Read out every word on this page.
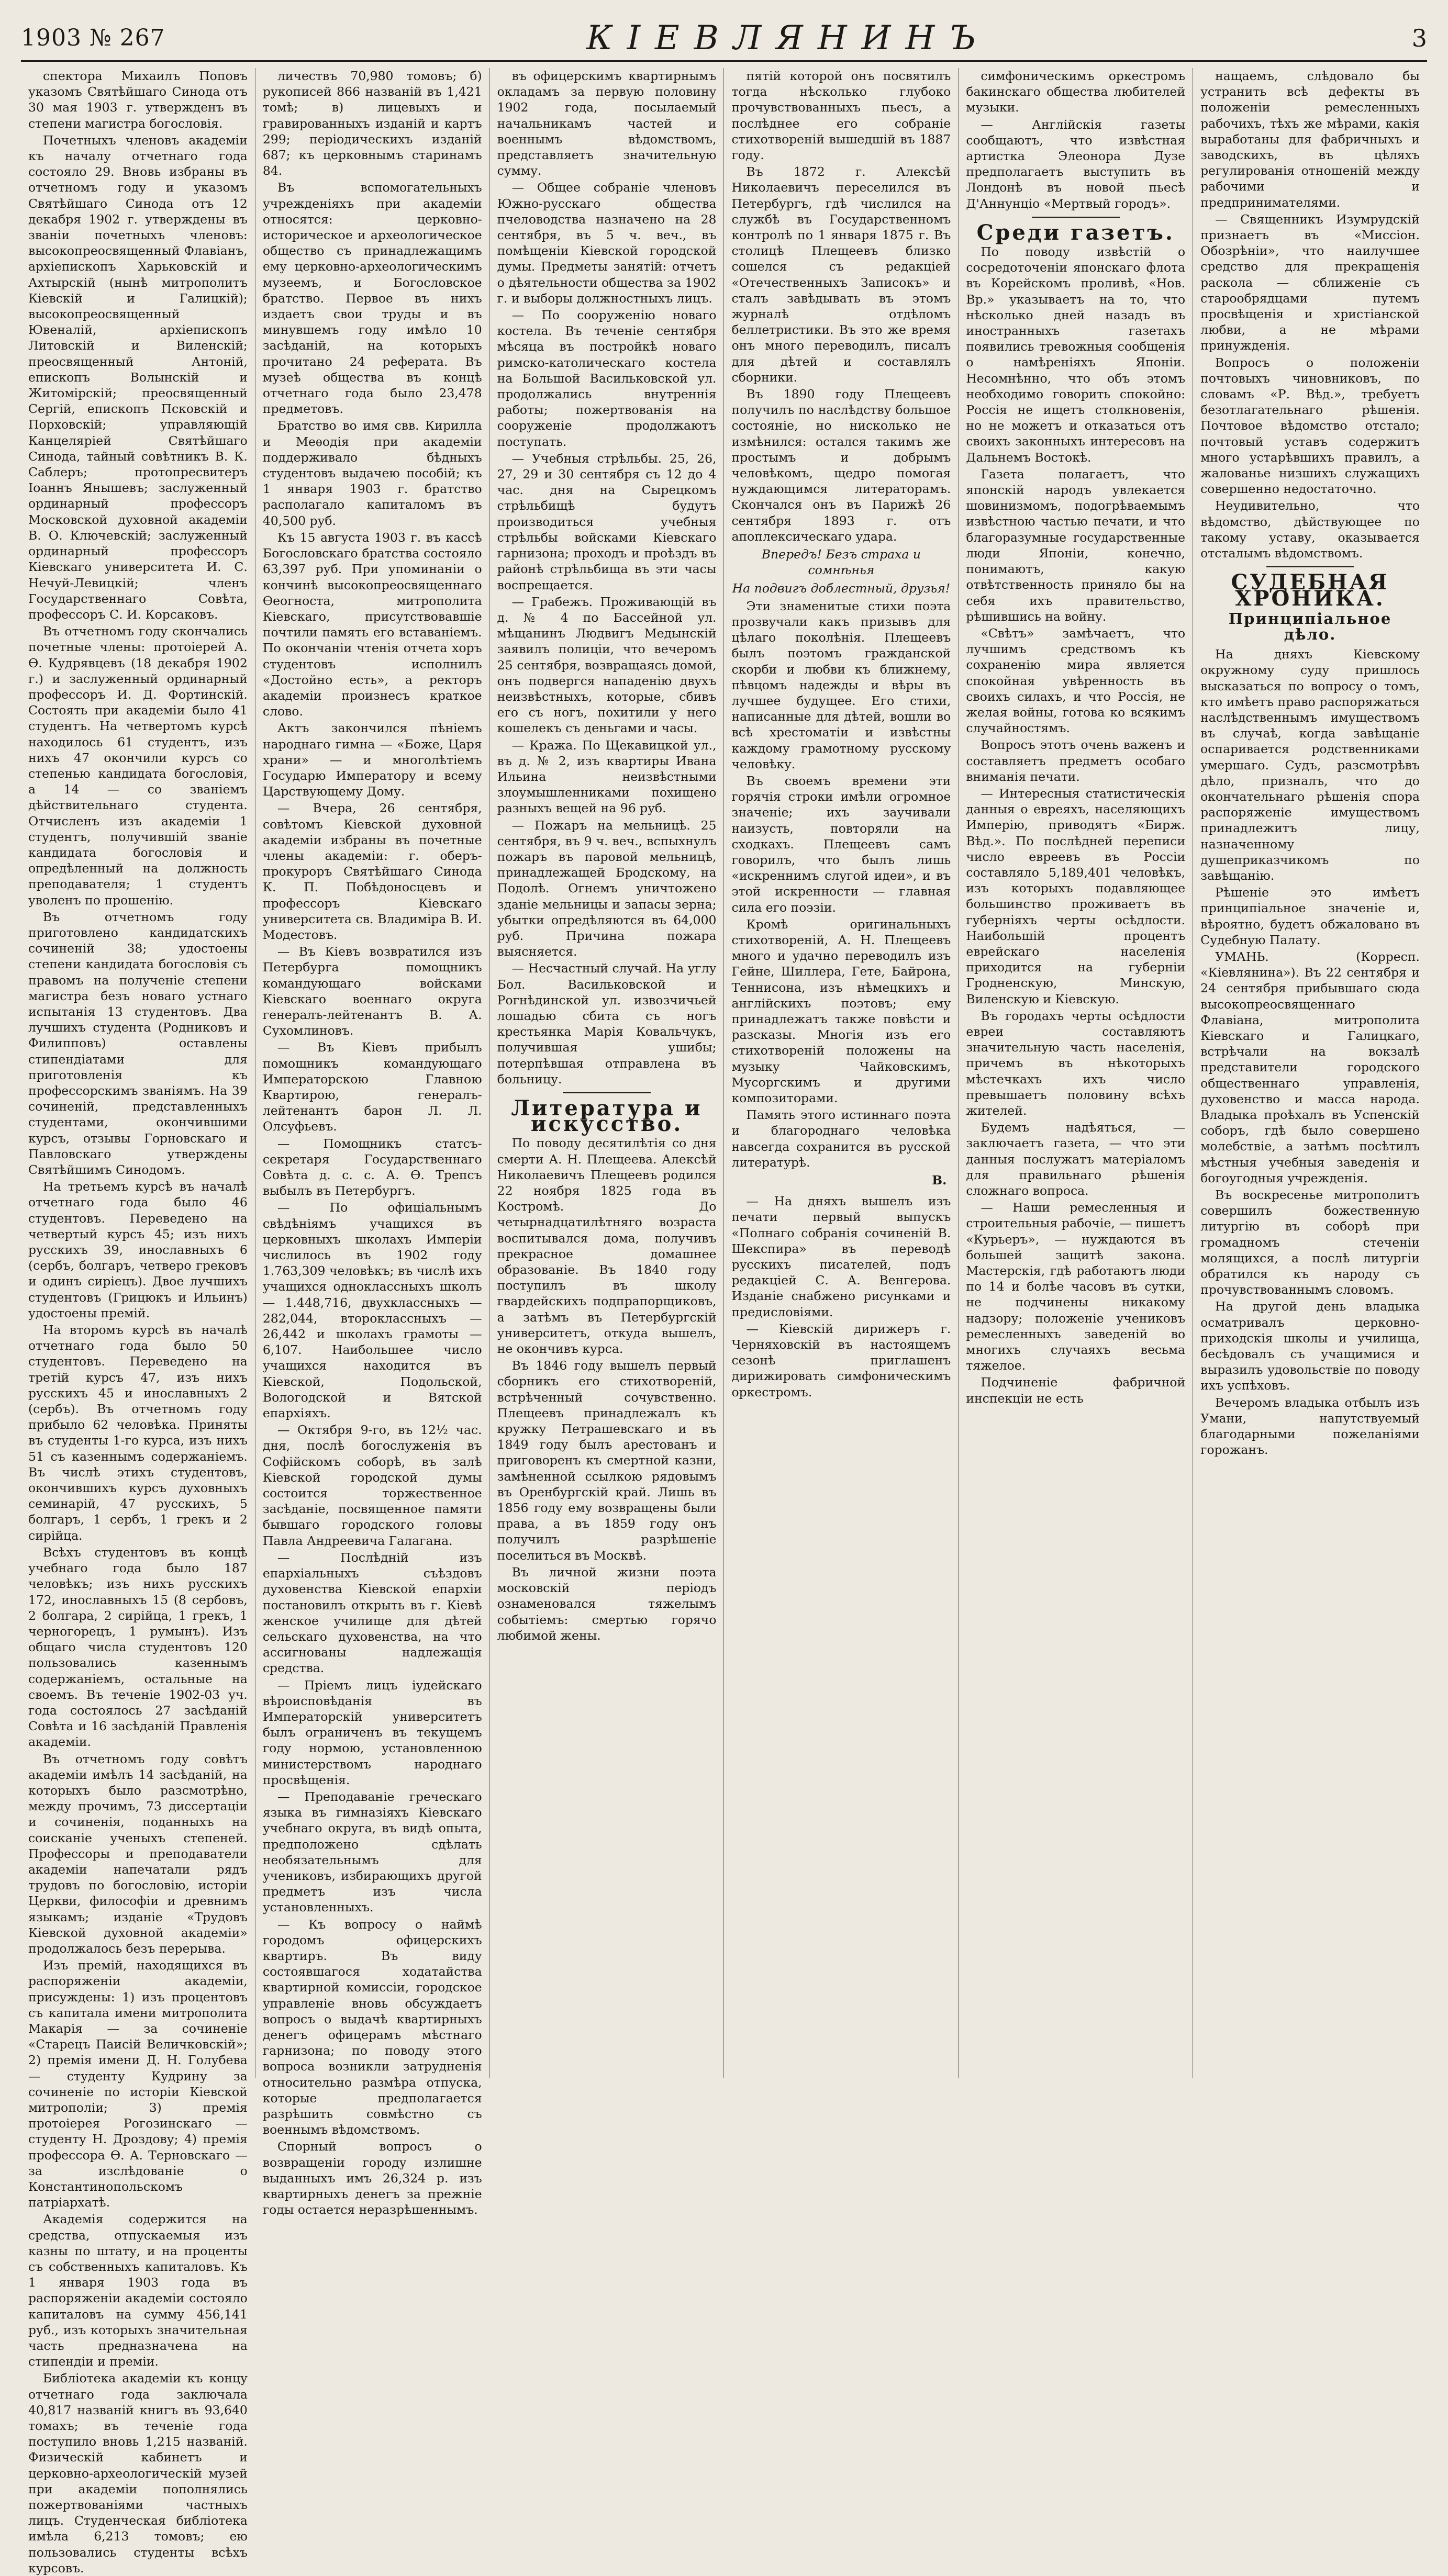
1903 № 267	КІЕВЛЯНИНЪ	3

спектора Михаилъ Поповъ указомъ Святѣйшаго Синода отъ 30 мая 1903 г. утвержденъ въ степени магистра богословія.

Почетныхъ членовъ академіи къ началу отчетнаго года состояло 29. Вновь избраны въ отчетномъ году и указомъ Святѣйшаго Синода отъ 12 декабря 1902 г. утверждены въ званіи почетныхъ членовъ: высокопреосвященный Флавіанъ, архіепископъ Харьковскій и Ахтырскій (нынѣ митрополитъ Кіевскій и Галицкій); высокопреосвященный Ювеналій, архіепископъ Литовскій и Виленскій; преосвященный Антоній, епископъ Волынскій и Житомірскій; преосвященный Сергій, епископъ Псковскій и Порховскій; управляющій Канцеляріей Святѣйшаго Синода, тайный совѣтникъ В. К. Саблеръ; протопресвитеръ Іоаннъ Янышевъ; заслуженный ординарный профессоръ Московской духовной академіи В. О. Ключевскій; заслуженный ординарный профессоръ Кіевскаго университета И. С. Нечуй-Левицкій; членъ Государственнаго Совѣта, профессоръ С. И. Корсаковъ.

Въ отчетномъ году скончались почетные члены: протоіерей А. Ѳ. Кудрявцевъ (18 декабря 1902 г.) и заслуженный ординарный профессоръ И. Д. Фортинскій. Состоять при академіи было 41 студентъ. На четвертомъ курсѣ находилось 61 студентъ, изъ нихъ 47 окончили курсъ со степенью кандидата богословія, а 14 — со званіемъ дѣйствительнаго студента. Отчисленъ изъ академіи 1 студентъ, получившій званіе кандидата богословія и опредѣленный на должность преподавателя; 1 студентъ уволенъ по прошенію.

Въ отчетномъ году приготовлено кандидатскихъ сочиненій 38; удостоены степени кандидата богословія съ правомъ на полученіе степени магистра безъ новаго устнаго испытанія 13 студентовъ. Два лучшихъ студента (Родниковъ и Филипповъ) оставлены стипендіатами для приготовленія къ профессорскимъ званіямъ. На 39 сочиненій, представленныхъ студентами, окончившими курсъ, отзывы Горновскаго и Павловскаго утверждены Святѣйшимъ Синодомъ.

На третьемъ курсѣ въ началѣ отчетнаго года было 46 студентовъ. Переведено на четвертый курсъ 45; изъ нихъ русскихъ 39, инославныхъ 6 (сербъ, болгаръ, четверо грековъ и одинъ сиріецъ). Двое лучшихъ студентовъ (Грицюкъ и Ильинъ) удостоены премій.

На второмъ курсѣ въ началѣ отчетнаго года было 50 студентовъ. Переведено на третій курсъ 47, изъ нихъ русскихъ 45 и инославныхъ 2 (сербъ). Въ отчетномъ году прибыло 62 человѣка. Приняты въ студенты 1-го курса, изъ нихъ 51 съ казеннымъ содержаніемъ. Въ числѣ этихъ студентовъ, окончившихъ курсъ духовныхъ семинарій, 47 русскихъ, 5 болгаръ, 1 сербъ, 1 грекъ и 2 сирійца.

Всѣхъ студентовъ въ концѣ учебнаго года было 187 человѣкъ; изъ нихъ русскихъ 172, инославныхъ 15 (8 сербовъ, 2 болгара, 2 сирійца, 1 грекъ, 1 черногорецъ, 1 румынъ). Изъ общаго числа студентовъ 120 пользовались казеннымъ содержаніемъ, остальные на своемъ. Въ теченіе 1902-03 уч. года состоялось 27 засѣданій Совѣта и 16 засѣданій Правленія академіи.

Въ отчетномъ году совѣтъ академіи имѣлъ 14 засѣданій, на которыхъ было разсмотрѣно, между прочимъ, 73 диссертаціи и сочиненія, поданныхъ на соисканіе ученыхъ степеней. Профессоры и преподаватели академіи напечатали рядъ трудовъ по богословію, исторіи Церкви, философіи и древнимъ языкамъ; изданіе «Трудовъ Кіевской духовной академіи» продолжалось безъ перерыва.

Изъ премій, находящихся въ распоряженіи академіи, присуждены: 1) изъ процентовъ съ капитала имени митрополита Макарія — за сочиненіе «Старецъ Паисій Величковскій»; 2) премія имени Д. Н. Голубева — студенту Кудрину за сочиненіе по исторіи Кіевской митрополіи; 3) премія протоіерея Рогозинскаго — студенту Н. Дроздову; 4) премія профессора Ѳ. А. Терновскаго — за изслѣдованіе о Константинопольскомъ патріархатѣ.

Академія содержится на средства, отпускаемыя изъ казны по штату, и на проценты съ собственныхъ капиталовъ. Къ 1 января 1903 года въ распоряженіи академіи состояло капиталовъ на сумму 456,141 руб., изъ которыхъ значительная часть предназначена на стипендіи и преміи.

Библіотека академіи къ концу отчетнаго года заключала 40,817 названій книгъ въ 93,640 томахъ; въ теченіе года поступило вновь 1,215 названій. Физическій кабинетъ и церковно-археологическій музей при академіи пополнялись пожертвованіями частныхъ лицъ. Студенческая библіотека имѣла 6,213 томовъ; ею пользовались студенты всѣхъ курсовъ.

личествъ 70,980 томовъ; б) рукописей 866 названій въ 1,421 томѣ; в) лицевыхъ и гравированныхъ изданій и картъ 299; періодическихъ изданій 687; къ церковнымъ старинамъ 84.

Въ вспомогательныхъ учрежденіяхъ при академіи относятся: церковно-историческое и археологическое общество съ принадлежащимъ ему церковно-археологическимъ музеемъ, и Богословское братство. Первое въ нихъ издаетъ свои труды и въ минувшемъ году имѣло 10 засѣданій, на которыхъ прочитано 24 реферата. Въ музеѣ общества въ концѣ отчетнаго года было 23,478 предметовъ.

Братство во имя свв. Кирилла и Меѳодія при академіи поддерживало бѣдныхъ студентовъ выдачею пособій; къ 1 января 1903 г. братство располагало капиталомъ въ 40,500 руб.

Къ 15 августа 1903 г. въ кассѣ Богословскаго братства состояло 63,397 руб. При упоминаніи о кончинѣ высокопреосвященнаго Ѳеогноста, митрополита Кіевскаго, присутствовавшіе почтили память его вставаніемъ. По окончаніи чтенія отчета хоръ студентовъ исполнилъ «Достойно есть», а ректоръ академіи произнесъ краткое слово.

Актъ закончился пѣніемъ народнаго гимна — «Боже, Царя храни» — и многолѣтіемъ Государю Императору и всему Царствующему Дому.

— Вчера, 26 сентября, совѣтомъ Кіевской духовной академіи избраны въ почетные члены академіи: г. оберъ-прокуроръ Святѣйшаго Синода К. П. Побѣдоносцевъ и профессоръ Кіевскаго университета св. Владиміра В. И. Модестовъ.

— Въ Кіевъ возвратился изъ Петербурга помощникъ командующаго войсками Кіевскаго военнаго округа генералъ-лейтенантъ В. А. Сухомлиновъ.

— Въ Кіевъ прибылъ помощникъ командующаго Императорскою Главною Квартирою, генералъ-лейтенантъ барон Л. Л. Олсуфьевъ.

— Помощникъ статсъ-секретаря Государственнаго Совѣта д. с. с. А. Ѳ. Трепсъ выбылъ въ Петербургъ.

— По офиціальнымъ свѣдѣніямъ учащихся въ церковныхъ школахъ Имперіи числилось въ 1902 году 1.763,309 человѣкъ; въ числѣ ихъ учащихся одноклассныхъ школъ — 1.448,716, двухклассныхъ — 282,044, второклассныхъ — 26,442 и школахъ грамоты — 6,107. Наибольшее число учащихся находится въ Кіевской, Подольской, Вологодской и Вятской епархіяхъ.

— Октября 9-го, въ 12½ час. дня, послѣ богослуженія въ Софійскомъ соборѣ, въ залѣ Кіевской городской думы состоится торжественное засѣданіе, посвященное памяти бывшаго городского головы Павла Андреевича Галагана.

— Послѣдній изъ епархіальныхъ съѣздовъ духовенства Кіевской епархіи постановилъ открыть въ г. Кіевѣ женское училище для дѣтей сельскаго духовенства, на что ассигнованы надлежащія средства.

— Пріемъ лицъ іудейскаго вѣроисповѣданія въ Императорскій университетъ былъ ограниченъ въ текущемъ году нормою, установленною министерствомъ народнаго просвѣщенія.

— Преподаваніе греческаго языка въ гимназіяхъ Кіевскаго учебнаго округа, въ видѣ опыта, предположено сдѣлать необязательнымъ для учениковъ, избирающихъ другой предметъ изъ числа установленныхъ.

— Къ вопросу о наймѣ городомъ офицерскихъ квартиръ. Въ виду состоявшагося ходатайства квартирной комиссіи, городское управленіе вновь обсуждаетъ вопросъ о выдачѣ квартирныхъ денегъ офицерамъ мѣстнаго гарнизона; по поводу этого вопроса возникли затрудненія относительно размѣра отпуска, которые предполагается разрѣшить совмѣстно съ военнымъ вѣдомствомъ.

Спорный вопросъ о возвращеніи городу излишне выданныхъ имъ 26,324 р. изъ квартирныхъ денегъ за прежніе годы остается неразрѣшеннымъ.

въ офицерскимъ квартирнымъ окладамъ за первую половину 1902 года, посылаемый начальникамъ частей и военнымъ вѣдомствомъ, представляетъ значительную сумму.

— Общее собраніе членовъ Южно-русскаго общества пчеловодства назначено на 28 сентября, въ 5 ч. веч., въ помѣщеніи Кіевской городской думы. Предметы занятій: отчетъ о дѣятельности общества за 1902 г. и выборы должностныхъ лицъ.

— По сооруженію новаго костела. Въ теченіе сентября мѣсяца въ постройкѣ новаго римско-католическаго костела на Большой Васильковской ул. продолжались внутреннія работы; пожертвованія на сооруженіе продолжаютъ поступать.

— Учебныя стрѣльбы. 25, 26, 27, 29 и 30 сентября съ 12 до 4 час. дня на Сырецкомъ стрѣльбищѣ будутъ производиться учебныя стрѣльбы войсками Кіевскаго гарнизона; проходъ и проѣздъ въ районѣ стрѣльбища въ эти часы воспрещается.

— Грабежъ. Проживающій въ д. № 4 по Бассейной ул. мѣщанинъ Людвигъ Медынскій заявилъ полиціи, что вечеромъ 25 сентября, возвращаясь домой, онъ подвергся нападенію двухъ неизвѣстныхъ, которые, сбивъ его съ ногъ, похитили у него кошелекъ съ деньгами и часы.

— Кража. По Щекавицкой ул., въ д. № 2, изъ квартиры Ивана Ильина неизвѣстными злоумышленниками похищено разныхъ вещей на 96 руб.

— Пожаръ на мельницѣ. 25 сентября, въ 9 ч. веч., вспыхнулъ пожаръ въ паровой мельницѣ, принадлежащей Бродскому, на Подолѣ. Огнемъ уничтожено зданіе мельницы и запасы зерна; убытки опредѣляются въ 64,000 руб. Причина пожара выясняется.

— Несчастный случай. На углу Бол. Васильковской и Рогнѣдинской ул. извозчичьей лошадью сбита съ ногъ крестьянка Марія Ковальчукъ, получившая ушибы; потерпѣвшая отправлена въ больницу.

Литература и искусство.

По поводу десятилѣтія со дня смерти А. Н. Плещеева. Алексѣй Николаевичъ Плещеевъ родился 22 ноября 1825 года въ Костромѣ. До четырнадцатилѣтняго возраста воспитывался дома, получивъ прекрасное домашнее образованіе. Въ 1840 году поступилъ въ школу гвардейскихъ подпрапорщиковъ, а затѣмъ въ Петербургскій университетъ, откуда вышелъ, не окончивъ курса.

Въ 1846 году вышелъ первый сборникъ его стихотвореній, встрѣченный сочувственно. Плещеевъ принадлежалъ къ кружку Петрашевскаго и въ 1849 году былъ арестованъ и приговоренъ къ смертной казни, замѣненной ссылкою рядовымъ въ Оренбургскій край. Лишь въ 1856 году ему возвращены были права, а въ 1859 году онъ получилъ разрѣшеніе поселиться въ Москвѣ.

Въ личной жизни поэта московскій періодъ ознаменовался тяжелымъ событіемъ: смертью горячо любимой жены.

пятій которой онъ посвятилъ тогда нѣсколько глубоко прочувствованныхъ пьесъ, а послѣднее его собраніе стихотвореній вышедшій въ 1887 году.

Въ 1872 г. Алексѣй Николаевичъ переселился въ Петербургъ, гдѣ числился на службѣ въ Государственномъ контролѣ по 1 января 1875 г. Въ столицѣ Плещеевъ близко сошелся съ редакціей «Отечественныхъ Записокъ» и сталъ завѣдывать въ этомъ журналѣ отдѣломъ беллетристики. Въ это же время онъ много переводилъ, писалъ для дѣтей и составлялъ сборники.

Въ 1890 году Плещеевъ получилъ по наслѣдству большое состояніе, но нисколько не измѣнился: остался такимъ же простымъ и добрымъ человѣкомъ, щедро помогая нуждающимся литераторамъ. Скончался онъ въ Парижѣ 26 сентября 1893 г. отъ апоплексическаго удара.

Впередъ! Безъ страха и сомнѣнья
На подвигъ доблестный, друзья!

Эти знаменитые стихи поэта прозвучали какъ призывъ для цѣлаго поколѣнія. Плещеевъ былъ поэтомъ гражданской скорби и любви къ ближнему, пѣвцомъ надежды и вѣры въ лучшее будущее. Его стихи, написанные для дѣтей, вошли во всѣ хрестоматіи и извѣстны каждому грамотному русскому человѣку.

Въ своемъ времени эти горячія строки имѣли огромное значеніе; ихъ заучивали наизусть, повторяли на сходкахъ. Плещеевъ самъ говорилъ, что былъ лишь «искреннимъ слугой идеи», и въ этой искренности — главная сила его поэзіи.

Кромѣ оригинальныхъ стихотвореній, А. Н. Плещеевъ много и удачно переводилъ изъ Гейне, Шиллера, Гете, Байрона, Теннисона, изъ нѣмецкихъ и англійскихъ поэтовъ; ему принадлежатъ также повѣсти и разсказы. Многія изъ его стихотвореній положены на музыку Чайковскимъ, Мусоргскимъ и другими композиторами.

Память этого истиннаго поэта и благороднаго человѣка навсегда сохранится въ русской литературѣ.

В.

— На дняхъ вышелъ изъ печати первый выпускъ «Полнаго собранія сочиненій В. Шекспира» въ переводѣ русскихъ писателей, подъ редакціей С. А. Венгерова. Изданіе снабжено рисунками и предисловіями.

— Кіевскій дирижеръ г. Черняховскій въ настоящемъ сезонѣ приглашенъ дирижировать симфоническимъ оркестромъ.

симфоническимъ оркестромъ бакинскаго общества любителей музыки.

— Англійскія газеты сообщаютъ, что извѣстная артистка Элеонора Дузе предполагаетъ выступить въ Лондонѣ въ новой пьесѣ Д'Аннунціо «Мертвый городъ».

Среди газетъ.

По поводу извѣстій о сосредоточеніи японскаго флота въ Корейскомъ проливѣ, «Нов. Вр.» указываетъ на то, что нѣсколько дней назадъ въ иностранныхъ газетахъ появились тревожныя сообщенія о намѣреніяхъ Японіи. Несомнѣнно, что объ этомъ необходимо говорить спокойно: Россія не ищетъ столкновенія, но не можетъ и отказаться отъ своихъ законныхъ интересовъ на Дальнемъ Востокѣ.

Газета полагаетъ, что японскій народъ увлекается шовинизмомъ, подогрѣваемымъ извѣстною частью печати, и что благоразумные государственные люди Японіи, конечно, понимаютъ, какую отвѣтственность приняло бы на себя ихъ правительство, рѣшившись на войну.

«Свѣтъ» замѣчаетъ, что лучшимъ средствомъ къ сохраненію мира является спокойная увѣренность въ своихъ силахъ, и что Россія, не желая войны, готова ко всякимъ случайностямъ.

Вопросъ этотъ очень важенъ и составляетъ предметъ особаго вниманія печати.

— Интересныя статистическія данныя о евреяхъ, населяющихъ Имперію, приводятъ «Бирж. Вѣд.». По послѣдней переписи число евреевъ въ Россіи составляло 5,189,401 человѣкъ, изъ которыхъ подавляющее большинство проживаетъ въ губерніяхъ черты осѣдлости. Наибольшій процентъ еврейскаго населенія приходится на губерніи Гродненскую, Минскую, Виленскую и Кіевскую.

Въ городахъ черты осѣдлости евреи составляютъ значительную часть населенія, причемъ въ нѣкоторыхъ мѣстечкахъ ихъ число превышаетъ половину всѣхъ жителей.

Будемъ надѣяться, — заключаетъ газета, — что эти данныя послужатъ матеріаломъ для правильнаго рѣшенія сложнаго вопроса.

— Наши ремесленныя и строительныя рабочіе, — пишетъ «Курьеръ», — нуждаются въ большей защитѣ закона. Мастерскія, гдѣ работаютъ люди по 14 и болѣе часовъ въ сутки, не подчинены никакому надзору; положеніе учениковъ ремесленныхъ заведеній во многихъ случаяхъ весьма тяжелое.

Подчиненіе фабричной инспекціи не есть

нащаемъ, слѣдовало бы устранить всѣ дефекты въ положеніи ремесленныхъ рабочихъ, тѣхъ же мѣрами, какія выработаны для фабричныхъ и заводскихъ, въ цѣляхъ регулированія отношеній между рабочими и предпринимателями.

— Священникъ Изумрудскій признаетъ въ «Миссіон. Обозрѣніи», что наилучшее средство для прекращенія раскола — сближеніе съ старообрядцами путемъ просвѣщенія и христіанской любви, а не мѣрами принужденія.

Вопросъ о положеніи почтовыхъ чиновниковъ, по словамъ «Р. Вѣд.», требуетъ безотлагательнаго рѣшенія. Почтовое вѣдомство отстало; почтовый уставъ содержитъ много устарѣвшихъ правилъ, а жалованье низшихъ служащихъ совершенно недостаточно.

Неудивительно, что вѣдомство, дѣйствующее по такому уставу, оказывается отсталымъ вѣдомствомъ.

СУДЕБНАЯ ХРОНИКА.
Принципіальное дѣло.

На дняхъ Кіевскому окружному суду пришлось высказаться по вопросу о томъ, кто имѣетъ право распоряжаться наслѣдственнымъ имуществомъ въ случаѣ, когда завѣщаніе оспаривается родственниками умершаго. Судъ, разсмотрѣвъ дѣло, призналъ, что до окончательнаго рѣшенія спора распоряженіе имуществомъ принадлежитъ лицу, назначенному душеприказчикомъ по завѣщанію.

Рѣшеніе это имѣетъ принципіальное значеніе и, вѣроятно, будетъ обжаловано въ Судебную Палату.

УМАНЬ. (Корресп. «Кіевлянина»). Въ 22 сентября и 24 сентября прибывшаго сюда высокопреосвященнаго Флавіана, митрополита Кіевскаго и Галицкаго, встрѣчали на вокзалѣ представители городского общественнаго управленія, духовенство и масса народа. Владыка проѣхалъ въ Успенскій соборъ, гдѣ было совершено молебствіе, а затѣмъ посѣтилъ мѣстныя учебныя заведенія и богоугодныя учрежденія.

Въ воскресенье митрополитъ совершилъ божественную литургію въ соборѣ при громадномъ стеченіи молящихся, а послѣ литургіи обратился къ народу съ прочувствованнымъ словомъ.

На другой день владыка осматривалъ церковно-приходскія школы и училища, бесѣдовалъ съ учащимися и выразилъ удовольствіе по поводу ихъ успѣховъ.

Вечеромъ владыка отбылъ изъ Умани, напутствуемый благодарными пожеланіями горожанъ.
